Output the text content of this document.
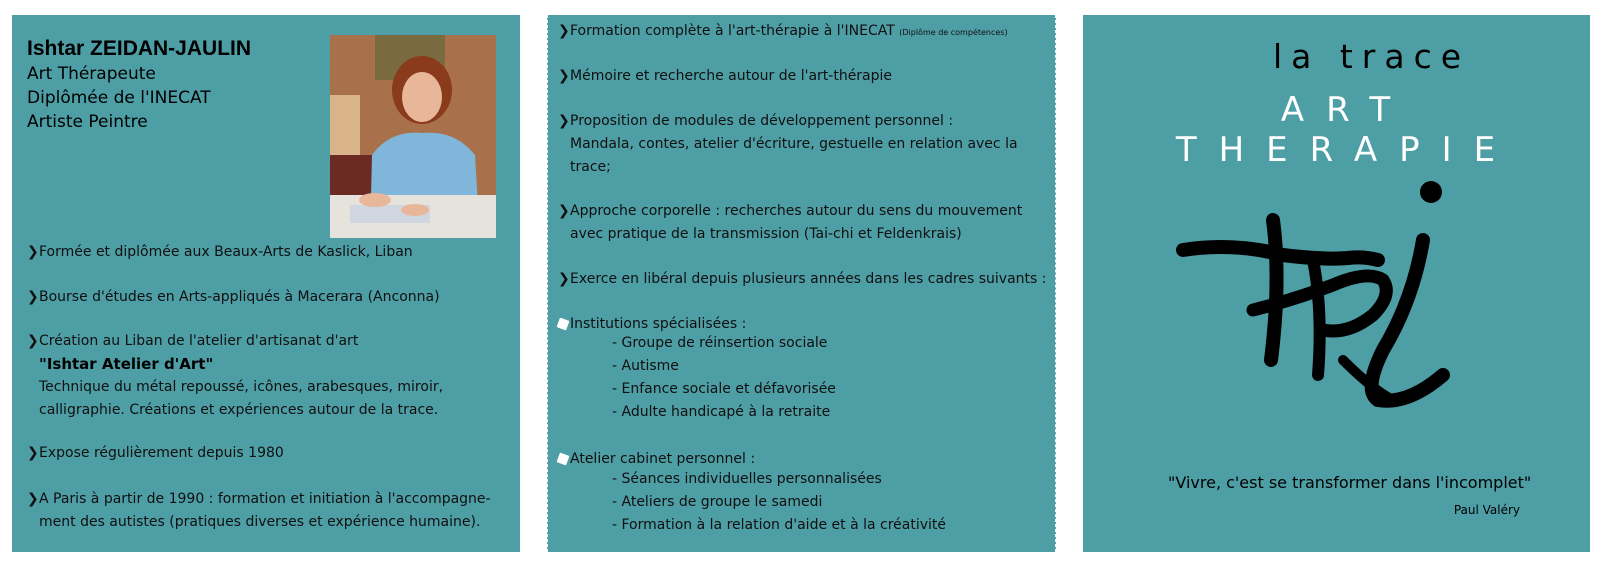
Ishtar ZEIDAN-JAULIN
Art Thérapeute
Diplômée de l'INECAT
Artiste Peintre
❯ Formée et diplômée aux Beaux-Arts de Kaslick, Liban
❯ Bourse d'études en Arts-appliqués à Macerara (Anconna)
❯ Création au Liban de l'atelier d'artisanat d'art
"Ishtar Atelier d'Art"
Technique du métal repoussé, icônes, arabesques, miroir,
calligraphie. Créations et expériences autour de la trace.
❯ Expose régulièrement depuis 1980
❯ A Paris à partir de 1990 : formation et initiation à l'accompagne-
ment des autistes (pratiques diverses et expérience humaine).
❯ Formation complète à l'art-thérapie à l'INECAT (Diplôme de compétences)
❯ Mémoire et recherche autour de l'art-thérapie
❯ Proposition de modules de développement personnel :
Mandala, contes, atelier d'écriture, gestuelle en relation avec la
trace;
❯ Approche corporelle : recherches autour du sens du mouvement
avec pratique de la transmission (Tai-chi et Feldenkrais)
❯ Exerce en libéral depuis plusieurs années dans les cadres suivants :
Institutions spécialisées :
- Groupe de réinsertion sociale
- Autisme
- Enfance sociale et défavorisée
- Adulte handicapé à la retraite
Atelier cabinet personnel :
- Séances individuelles personnalisées
- Ateliers de groupe le samedi
- Formation à la relation d'aide et à la créativité
la trace
ART THERAPIE
"Vivre, c'est se transformer dans l'incomplet"
Paul Valéry
